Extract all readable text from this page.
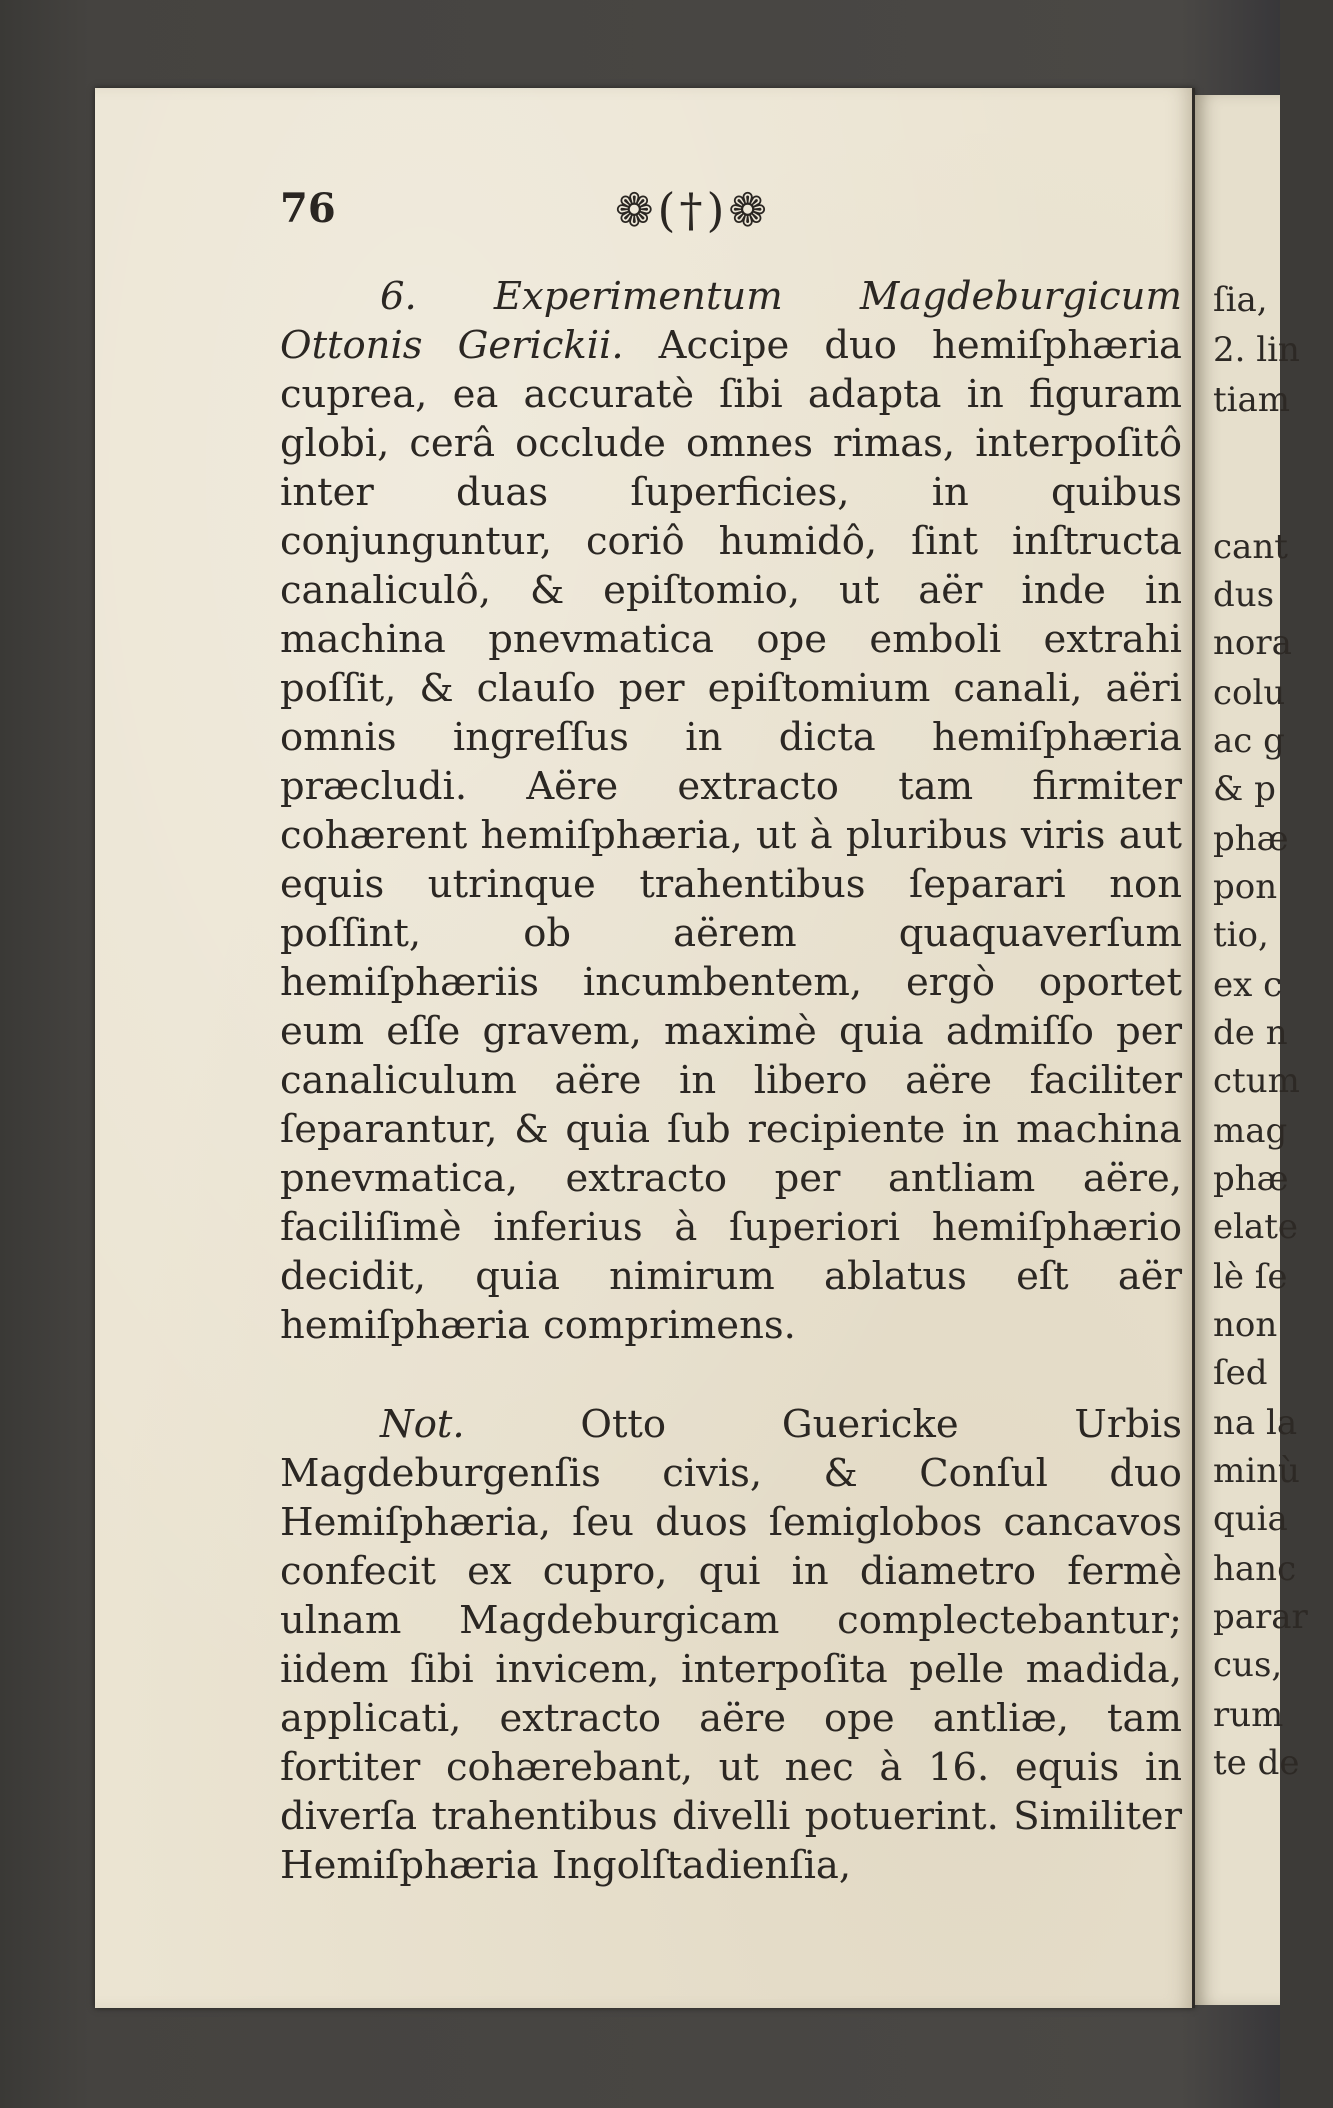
ſia,
2. lin
tiam
cant
dus
nora
colu
ac g
& p
phæ
pon
tio,
ex c
de n
ctum
mag
phæ
elate
lè ſe
non
ſed
na la
minù
quia
hanc
parar
cus,
rum
te de
76	❁(†)❁

6. Experimentum Magdeburgicum Ottonis Gerickii. Accipe duo hemiſphæria cuprea, ea accuratè ſibi adapta in figuram globi, cerâ occlude omnes rimas, interpoſitô inter duas ſuperficies, in quibus conjunguntur, coriô humidô, ſint inſtructa canaliculô, & epiſtomio, ut aër inde in machina pnevmatica ope emboli extrahi poſſit, & clauſo per epiſtomium canali, aëri omnis ingreſſus in dicta hemiſphæria præcludi. Aëre extracto tam firmiter cohærent hemiſphæria, ut à pluribus viris aut equis utrinque trahentibus ſeparari non poſſint, ob aërem quaquaverſum hemiſphæriis incumbentem, ergò oportet eum eſſe gravem, maximè quia admiſſo per canaliculum aëre in libero aëre faciliter ſeparantur, & quia ſub recipiente in machina pnevmatica, extracto per antliam aëre, faciliſimè inferius à ſuperiori hemiſphærio decidit, quia nimirum ablatus eſt aër hemiſphæria comprimens.

Not.	Otto Guericke Urbis Magdeburgenſis civis, & Conſul duo Hemiſphæria, ſeu duos ſemiglobos cancavos confecit ex cupro, qui in diametro fermè ulnam Magdeburgicam complectebantur; iidem ſibi invicem, interpoſita pelle madida, applicati, extracto aëre ope antliæ, tam fortiter cohærebant, ut nec à 16. equis in diverſa trahentibus divelli potuerint. Similiter Hemiſphæria Ingolſtadienſia,
